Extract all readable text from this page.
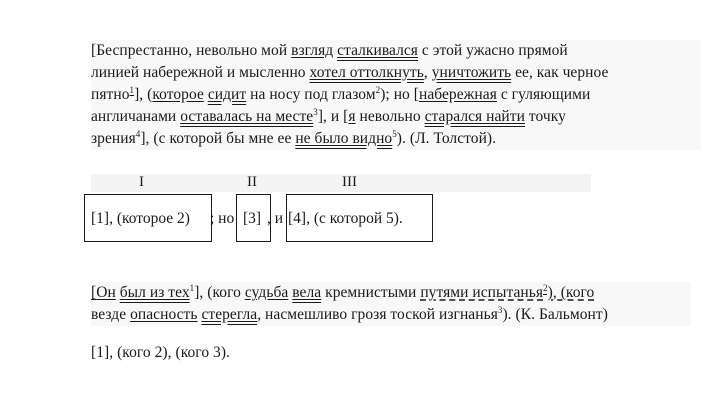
[Беспрестанно, невольно мой взгляд сталкивался с этой ужасно прямой
линией набережной и мысленно хотел оттолкнуть, уничтожить ее, как черное
пятно$^1$], (которое сидит на носу под глазом$^2$); но [набережная с гуляющими
англичанами оставалась на месте$^3$], и [я невольно старался найти точку
зрения$^4$], (с которой бы мне ее не было видно$^5$). (Л. Толстой).
I	II	III
[1], (которое 2) ; но [3] , и [4], (с которой 5).
[Он был из тех$^1$], (кого судьба вела кремнистыми путями испытанья$^2$), (кого
везде опасность стерегла, насмешливо грозя тоской изгнанья$^3$). (К. Бальмонт)
[1], (кого 2), (кого 3).
